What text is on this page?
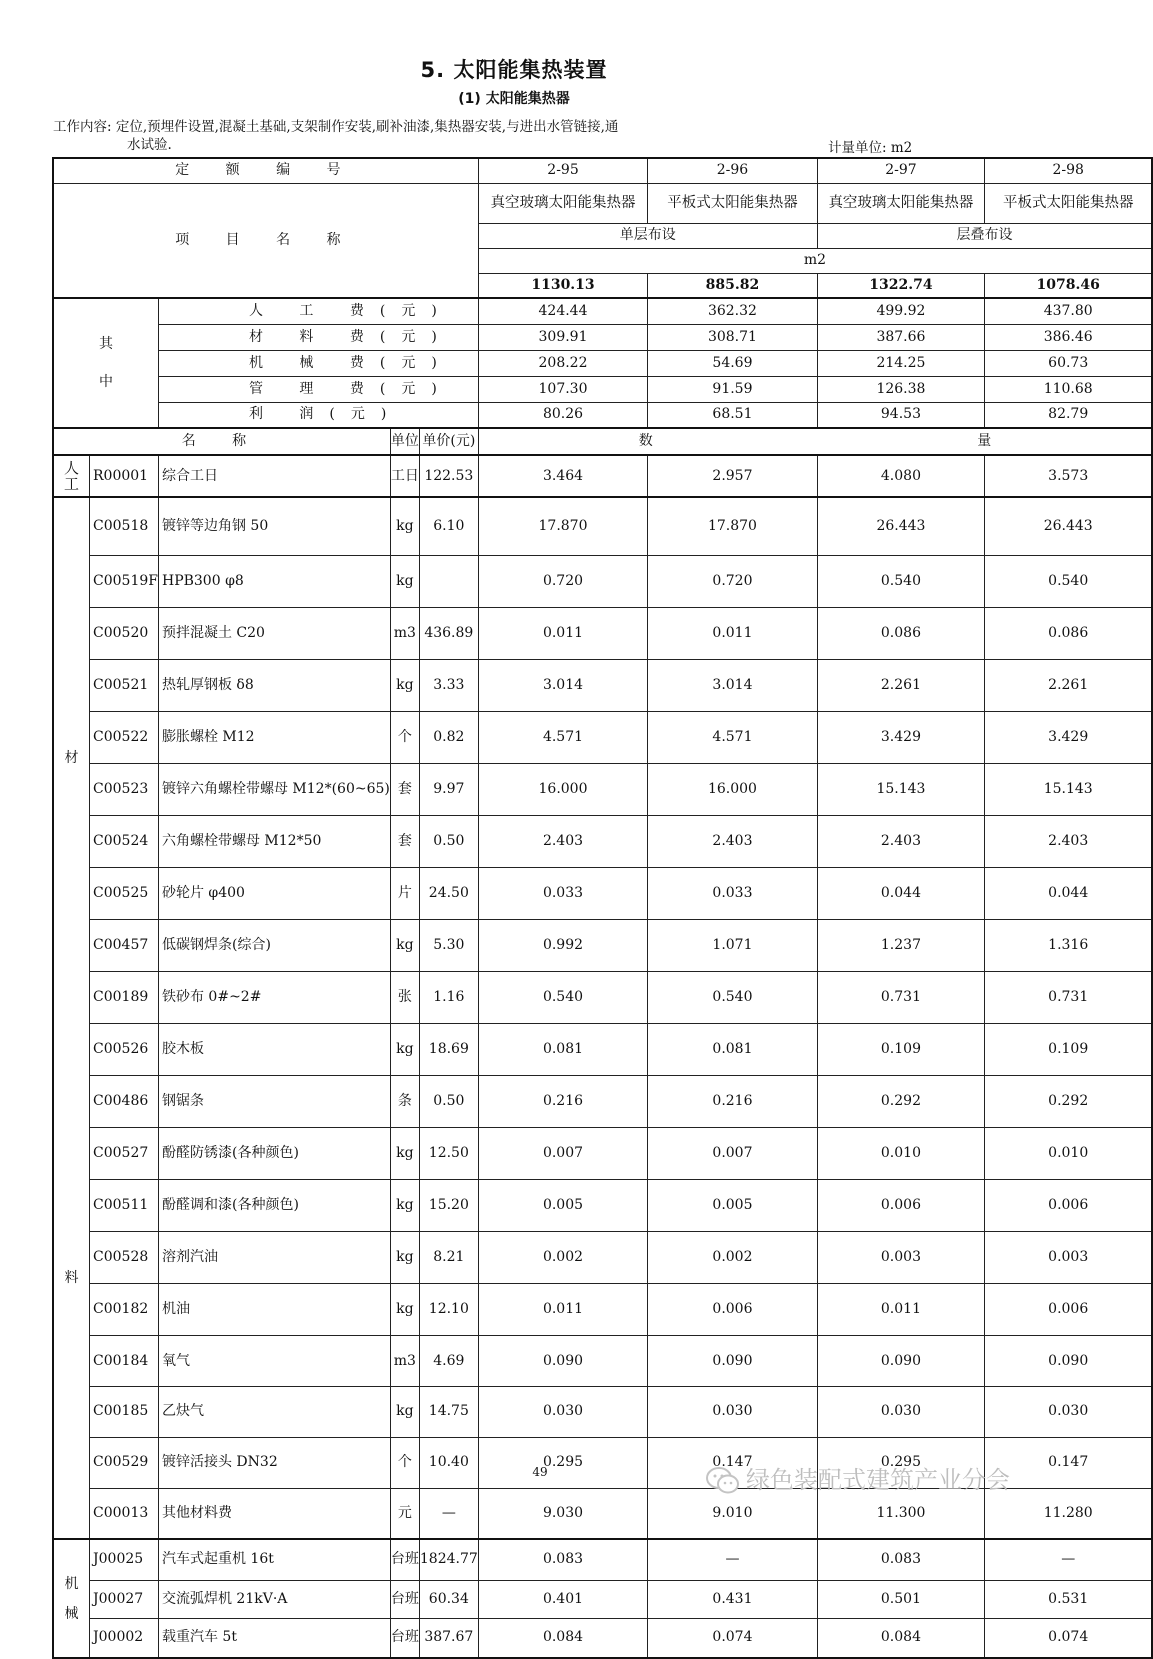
5. 太阳能集热装置
(1) 太阳能集热器
工作内容: 定位,预埋件设置,混凝土基础,支架制作安装,刷补油漆,集热器安装,与进出水管链接,通
水试验.	计量单位: m2
定 额 编 号					2-95	2-96	2-97	2-98
项 目 名 称					真空玻璃太阳能集热器	平板式太阳能集热器	真空玻璃太阳能集热器	平板式太阳能集热器
					单层布设		层叠布设	
					m2			
					1130.13	885.82	1322.74	1078.46

其
中		人 工 费(元)			424.44	362.32	499.92	437.80
		材 料 费(元)			309.91	308.71	387.66	386.46
		机 械 费(元)			208.22	54.69	214.25	60.73
		管 理 费(元)			107.30	91.59	126.38	110.68
		利 润(元)			80.26	68.51	94.53	82.79
名 称			单位	单价(元)	数 量			
人工	R00001	综合工日	工日	122.53	3.464	2.957	4.080	3.573

材
料	C00518	镀锌等边角钢 50	kg	6.10	17.870	17.870	26.443	26.443
	C00519F	HPB300 φ8	kg		0.720	0.720	0.540	0.540
	C00520	预拌混凝土 C20	m3	436.89	0.011	0.011	0.086	0.086
	C00521	热轧厚钢板 δ8	kg	3.33	3.014	3.014	2.261	2.261
	C00522	膨胀螺栓 M12	个	0.82	4.571	4.571	3.429	3.429
	C00523	镀锌六角螺栓带螺母 M12*(60~65)	套	9.97	16.000	16.000	15.143	15.143
	C00524	六角螺栓带螺母 M12*50	套	0.50	2.403	2.403	2.403	2.403
	C00525	砂轮片 φ400	片	24.50	0.033	0.033	0.044	0.044
	C00457	低碳钢焊条(综合)	kg	5.30	0.992	1.071	1.237	1.316
	C00189	铁砂布 0#~2#	张	1.16	0.540	0.540	0.731	0.731
	C00526	胶木板	kg	18.69	0.081	0.081	0.109	0.109
	C00486	钢锯条	条	0.50	0.216	0.216	0.292	0.292
	C00527	酚醛防锈漆(各种颜色)	kg	12.50	0.007	0.007	0.010	0.010
	C00511	酚醛调和漆(各种颜色)	kg	15.20	0.005	0.005	0.006	0.006
	C00528	溶剂汽油	kg	8.21	0.002	0.002	0.003	0.003
	C00182	机油	kg	12.10	0.011	0.006	0.011	0.006
	C00184	氧气	m3	4.69	0.090	0.090	0.090	0.090
	C00185	乙炔气	kg	14.75	0.030	0.030	0.030	0.030
	C00529	镀锌活接头 DN32	个	10.40	0.295	0.147	0.295	0.147
	C00013	其他材料费	元	—	9.030	9.010	11.300	11.280

机
械	J00025	汽车式起重机 16t	台班	1824.77	0.083	—	0.083	—
	J00027	交流弧焊机 21kV·A	台班	60.34	0.401	0.431	0.501	0.531
	J00002	载重汽车 5t	台班	387.67	0.084	0.074	0.084	0.074
49	绿色装配式建筑产业分会
